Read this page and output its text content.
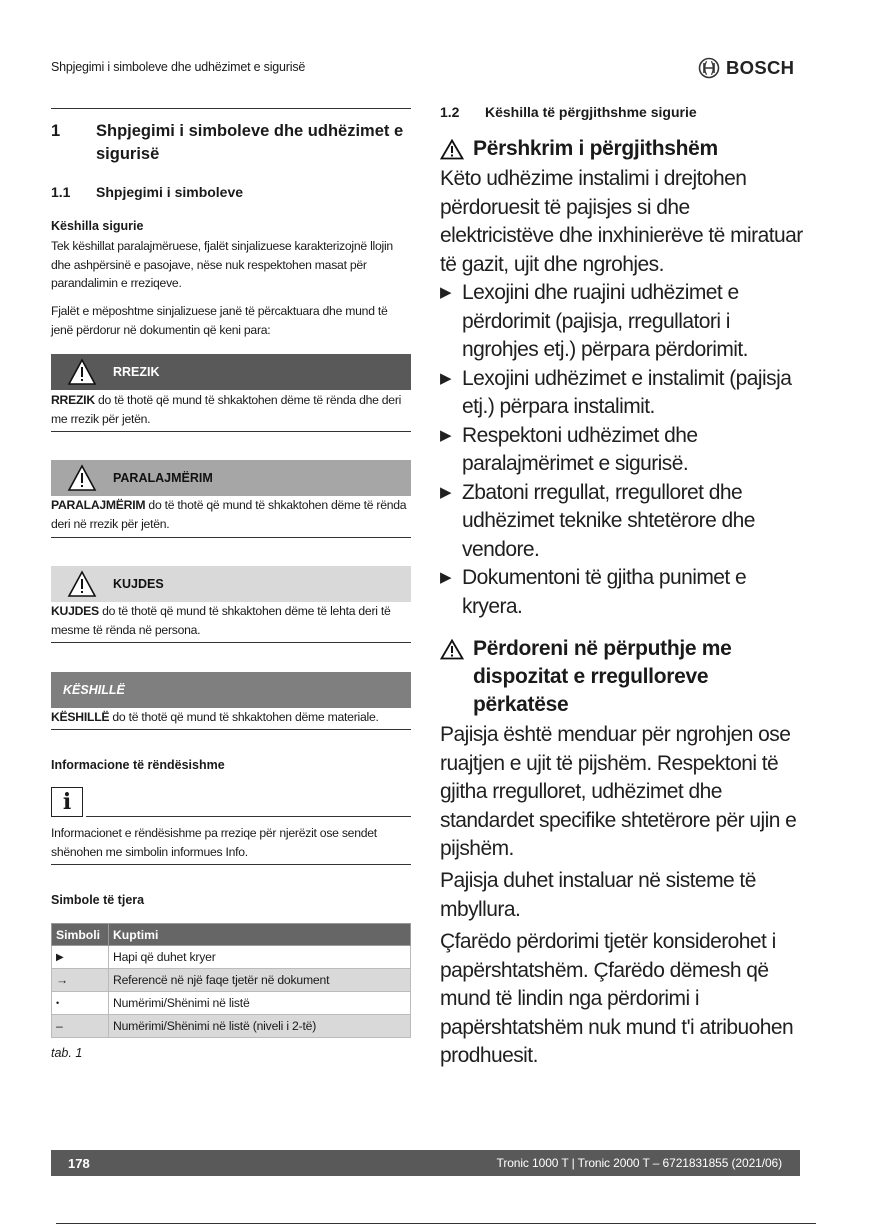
Shpjegimi i simboleve dhe udhëzimet e sigurisë	BOSCH
1	Shpjegimi i simboleve dhe udhëzimet e sigurisë
1.1	Shpjegimi i simboleve
Këshilla sigurie
Tek këshillat paralajmëruese, fjalët sinjalizuese karakterizojnë llojin dhe ashpërsinë e pasojave, nëse nuk respektohen masat për parandalimin e rreziqeve.
Fjalët e mëposhtme sinjalizuese janë të përcaktuara dhe mund të jenë përdorur në dokumentin që keni para:
RREZIK
RREZIK do të thotë që mund të shkaktohen dëme të rënda dhe deri me rrezik për jetën.
PARALAJMËRIM
PARALAJMËRIM do të thotë që mund të shkaktohen dëme të rënda deri në rrezik për jetën.
KUJDES
KUJDES do të thotë që mund të shkaktohen dëme të lehta deri të mesme të rënda në persona.
KËSHILLË
KËSHILLË do të thotë që mund të shkaktohen dëme materiale.
Informacione të rëndësishme
i
Informacionet e rëndësishme pa rreziqe për njerëzit ose sendet shënohen me simbolin informues Info.
Simbole të tjera
Simboli	Kuptimi
▶	Hapi që duhet kryer
→	Referencë në një faqe tjetër në dokument
•	Numërimi/Shënimi në listë
–	Numërimi/Shënimi në listë (niveli i 2-të)
tab. 1
1.2	Këshilla të përgjithshme sigurie
Përshkrim i përgjithshëm
Këto udhëzime instalimi i drejtohen përdoruesit të pajisjes si dhe elektricistëve dhe inxhinierëve të miratuar të gazit, ujit dhe ngrohjes.
▶ Lexojini dhe ruajini udhëzimet e përdorimit (pajisja, rregullatori i ngrohjes etj.) përpara përdorimit.
▶ Lexojini udhëzimet e instalimit (pajisja etj.) përpara instalimit.
▶ Respektoni udhëzimet dhe paralajmërimet e sigurisë.
▶ Zbatoni rregullat, rregulloret dhe udhëzimet teknike shtetërore dhe vendore.
▶ Dokumentoni të gjitha punimet e kryera.
Përdoreni në përputhje me dispozitat e rregulloreve përkatëse
Pajisja është menduar për ngrohjen ose ruajtjen e ujit të pijshëm. Respektoni të gjitha rregulloret, udhëzimet dhe standardet specifike shtetërore për ujin e pijshëm.
Pajisja duhet instaluar në sisteme të mbyllura.
Çfarëdo përdorimi tjetër konsiderohet i papërshtatshëm. Çfarëdo dëmesh që mund të lindin nga përdorimi i papërshtatshëm nuk mund t'i atribuohen prodhuesit.
178	Tronic 1000 T | Tronic 2000 T – 6721831855 (2021/06)
